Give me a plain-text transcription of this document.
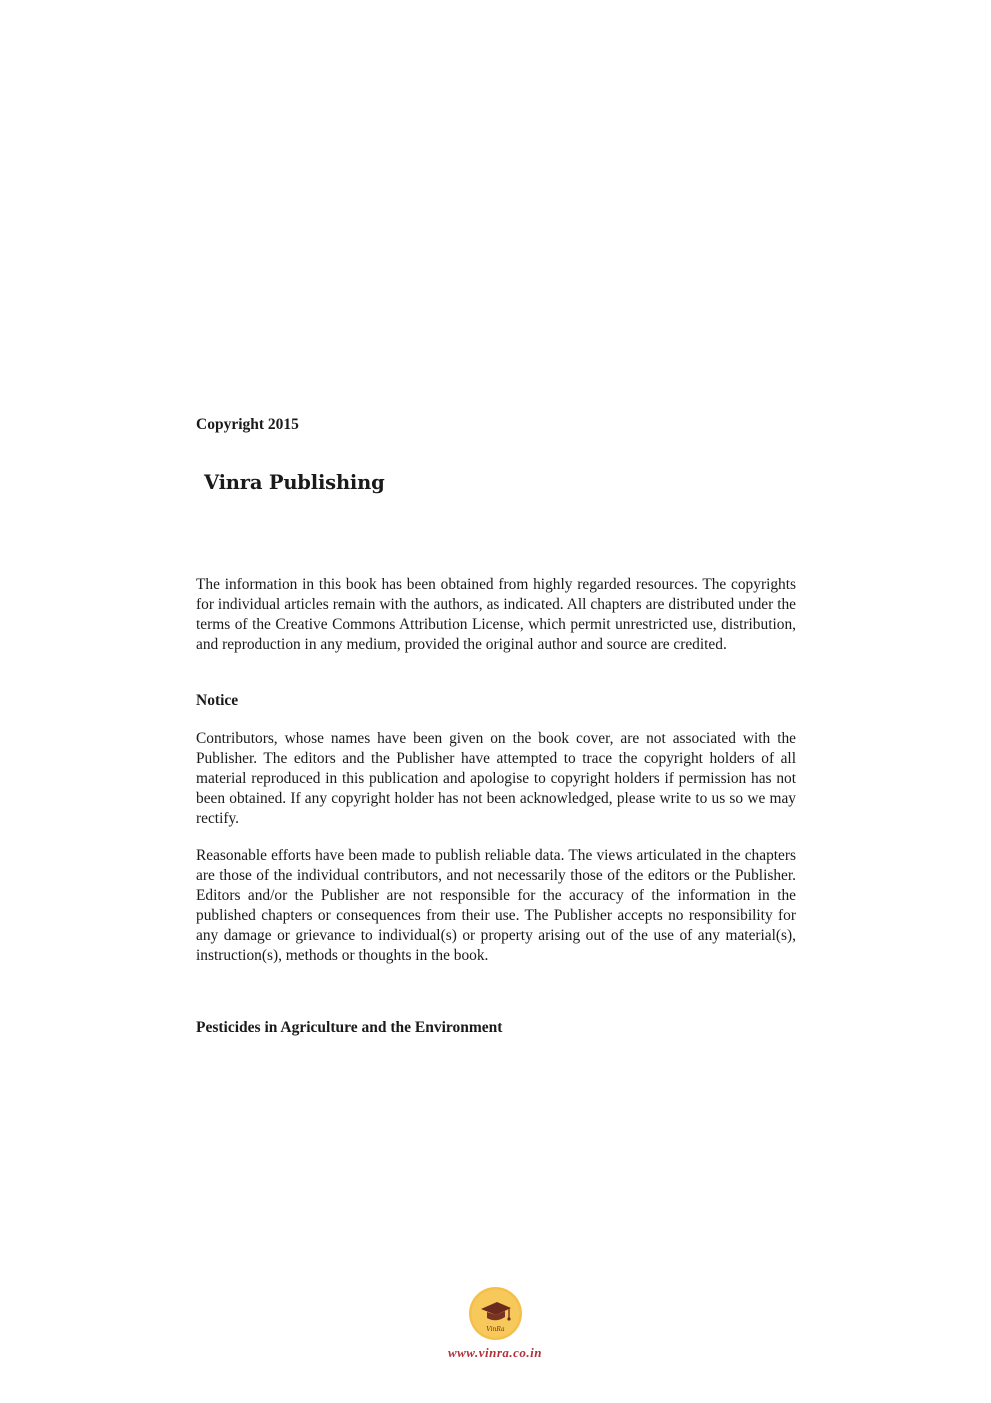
Copyright 2015
Vinra Publishing
The information in this book has been obtained from highly regarded resources. The copyrights for individual articles remain with the authors, as indicated. All chapters are distributed under the terms of the Creative Commons Attribution License, which permit unrestricted use, distribution, and reproduction in any medium, provided the original author and source are credited.
Notice
Contributors, whose names have been given on the book cover, are not associated with the Publisher. The editors and the Publisher have attempted to trace the copyright holders of all material reproduced in this publication and apologise to copyright holders if permission has not been obtained. If any copyright holder has not been acknowledged, please write to us so we may rectify.
Reasonable efforts have been made to publish reliable data. The views articulated in the chapters are those of the individual contributors, and not necessarily those of the editors or the Publisher. Editors and/or the Publisher are not responsible for the accuracy of the information in the published chapters or consequences from their use. The Publisher accepts no responsibility for any damage or grievance to individual(s) or property arising out of the use of any material(s), instruction(s), methods or thoughts in the book.
Pesticides in Agriculture and the Environment
VinRa
www.vinra.co.in
